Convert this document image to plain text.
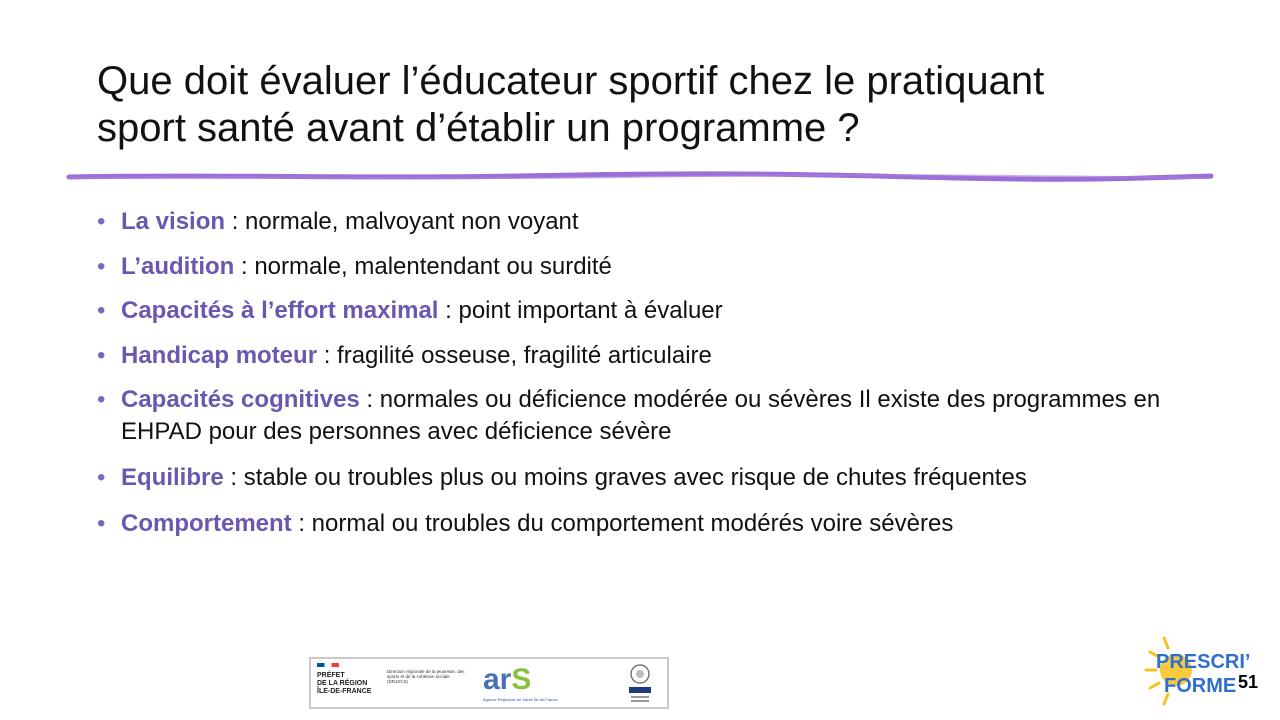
Que doit évaluer l’éducateur sportif chez le pratiquant
sport santé avant d’établir un programme ?
• La vision : normale, malvoyant non voyant
• L’audition : normale, malentendant ou surdité
• Capacités à l’effort maximal : point important à évaluer
• Handicap moteur : fragilité osseuse, fragilité articulaire
• Capacités cognitives : normales ou déficience modérée ou sévères Il existe des programmes en EHPAD pour des personnes avec déficience sévère
• Equilibre : stable ou troubles plus ou moins graves avec risque de chutes fréquentes
• Comportement : normal ou troubles du comportement modérés voire sévères

PRÉFET
DE LA RÉGION
ÎLE-DE-FRANCE
Direction régionale de la jeunesse, des sports et de la cohésion sociale (DRJSCS)	arS
Agence Régionale de Santé Île-de-France
PRESCRI’
FORME 51
